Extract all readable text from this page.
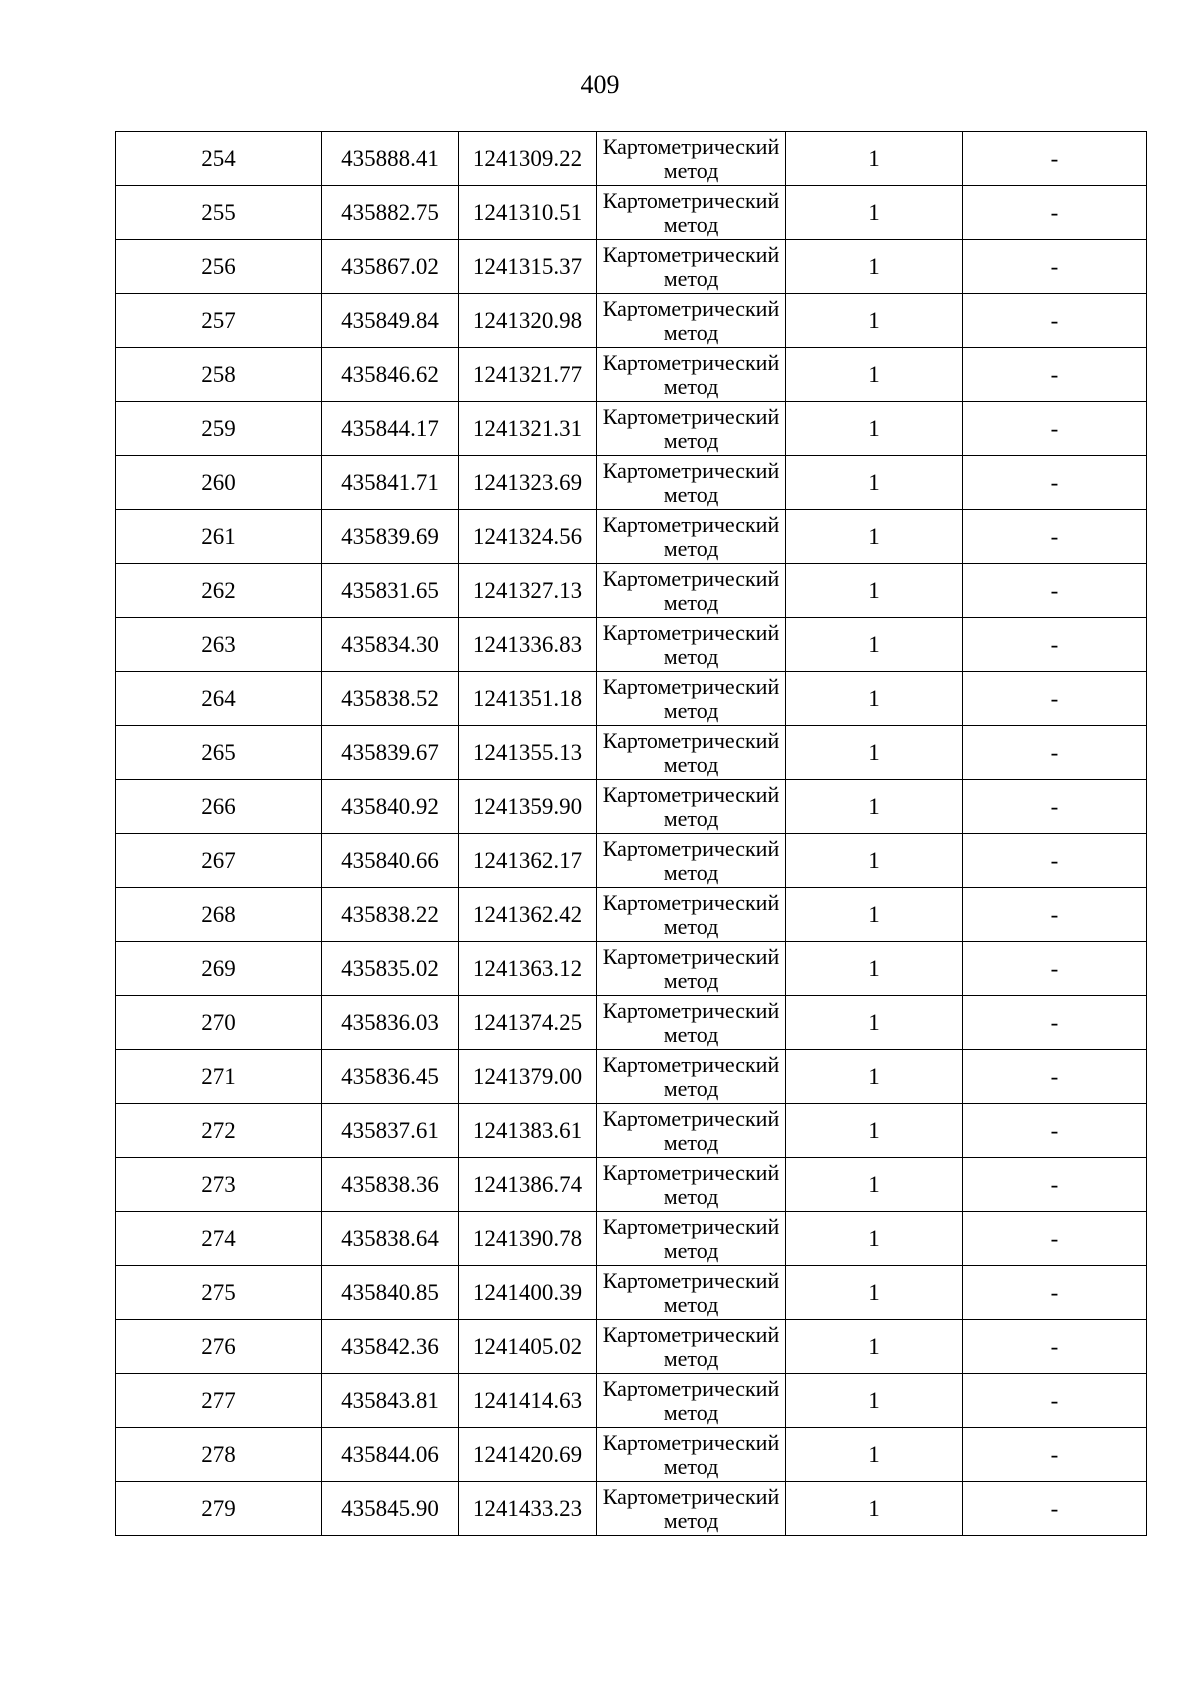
409
254	435888.41	1241309.22	Картометрический метод	1	-
255	435882.75	1241310.51	Картометрический метод	1	-
256	435867.02	1241315.37	Картометрический метод	1	-
257	435849.84	1241320.98	Картометрический метод	1	-
258	435846.62	1241321.77	Картометрический метод	1	-
259	435844.17	1241321.31	Картометрический метод	1	-
260	435841.71	1241323.69	Картометрический метод	1	-
261	435839.69	1241324.56	Картометрический метод	1	-
262	435831.65	1241327.13	Картометрический метод	1	-
263	435834.30	1241336.83	Картометрический метод	1	-
264	435838.52	1241351.18	Картометрический метод	1	-
265	435839.67	1241355.13	Картометрический метод	1	-
266	435840.92	1241359.90	Картометрический метод	1	-
267	435840.66	1241362.17	Картометрический метод	1	-
268	435838.22	1241362.42	Картометрический метод	1	-
269	435835.02	1241363.12	Картометрический метод	1	-
270	435836.03	1241374.25	Картометрический метод	1	-
271	435836.45	1241379.00	Картометрический метод	1	-
272	435837.61	1241383.61	Картометрический метод	1	-
273	435838.36	1241386.74	Картометрический метод	1	-
274	435838.64	1241390.78	Картометрический метод	1	-
275	435840.85	1241400.39	Картометрический метод	1	-
276	435842.36	1241405.02	Картометрический метод	1	-
277	435843.81	1241414.63	Картометрический метод	1	-
278	435844.06	1241420.69	Картометрический метод	1	-
279	435845.90	1241433.23	Картометрический метод	1	-
